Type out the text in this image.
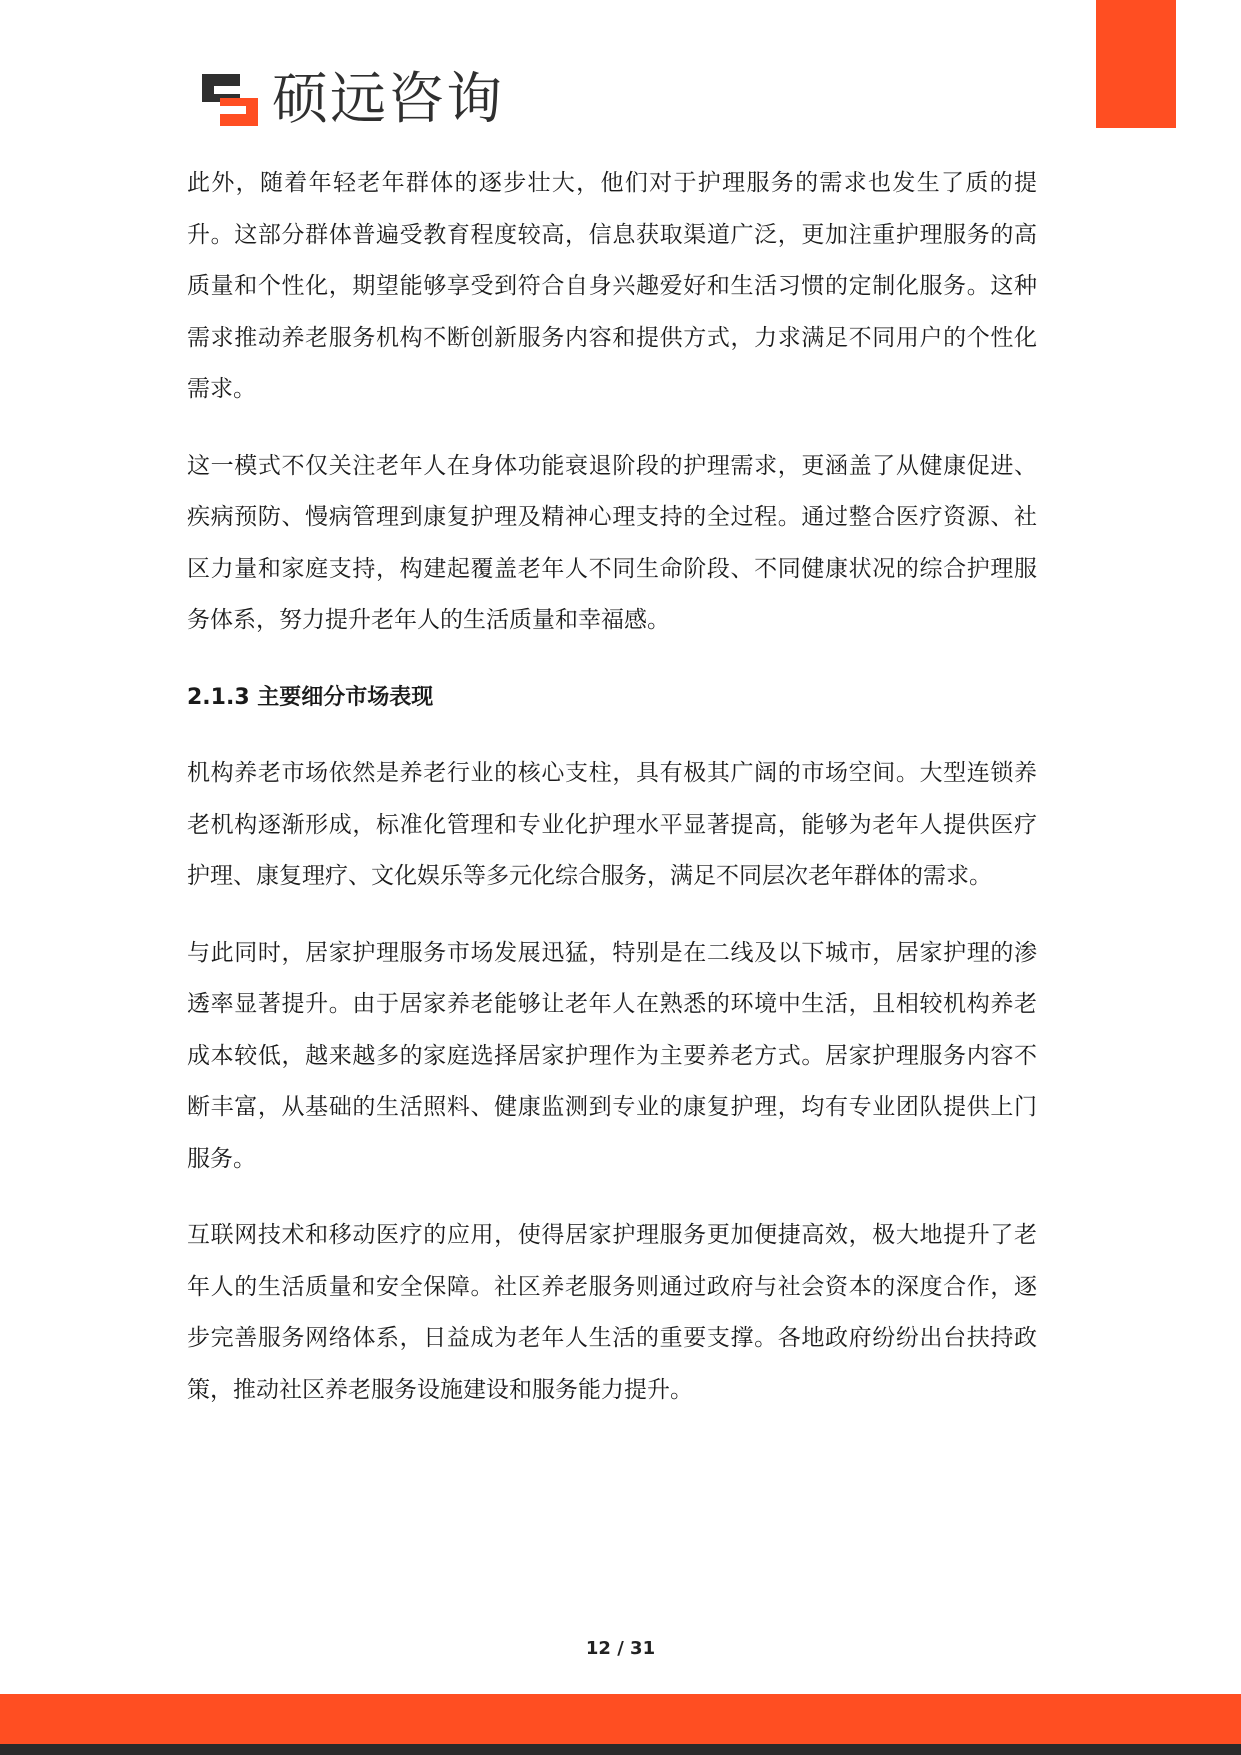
硕远咨询

此外，随着年轻老年群体的逐步壮大，他们对于护理服务的需求也发生了质的提升。这部分群体普遍受教育程度较高，信息获取渠道广泛，更加注重护理服务的高质量和个性化，期望能够享受到符合自身兴趣爱好和生活习惯的定制化服务。这种需求推动养老服务机构不断创新服务内容和提供方式，力求满足不同用户的个性化需求。

这一模式不仅关注老年人在身体功能衰退阶段的护理需求，更涵盖了从健康促进、疾病预防、慢病管理到康复护理及精神心理支持的全过程。通过整合医疗资源、社区力量和家庭支持，构建起覆盖老年人不同生命阶段、不同健康状况的综合护理服务体系，努力提升老年人的生活质量和幸福感。

2.1.3 主要细分市场表现

机构养老市场依然是养老行业的核心支柱，具有极其广阔的市场空间。大型连锁养老机构逐渐形成，标准化管理和专业化护理水平显著提高，能够为老年人提供医疗护理、康复理疗、文化娱乐等多元化综合服务，满足不同层次老年群体的需求。

与此同时，居家护理服务市场发展迅猛，特别是在二线及以下城市，居家护理的渗透率显著提升。由于居家养老能够让老年人在熟悉的环境中生活，且相较机构养老成本较低，越来越多的家庭选择居家护理作为主要养老方式。居家护理服务内容不断丰富，从基础的生活照料、健康监测到专业的康复护理，均有专业团队提供上门服务。

互联网技术和移动医疗的应用，使得居家护理服务更加便捷高效，极大地提升了老年人的生活质量和安全保障。社区养老服务则通过政府与社会资本的深度合作，逐步完善服务网络体系，日益成为老年人生活的重要支撑。各地政府纷纷出台扶持政策，推动社区养老服务设施建设和服务能力提升。

12 / 31
